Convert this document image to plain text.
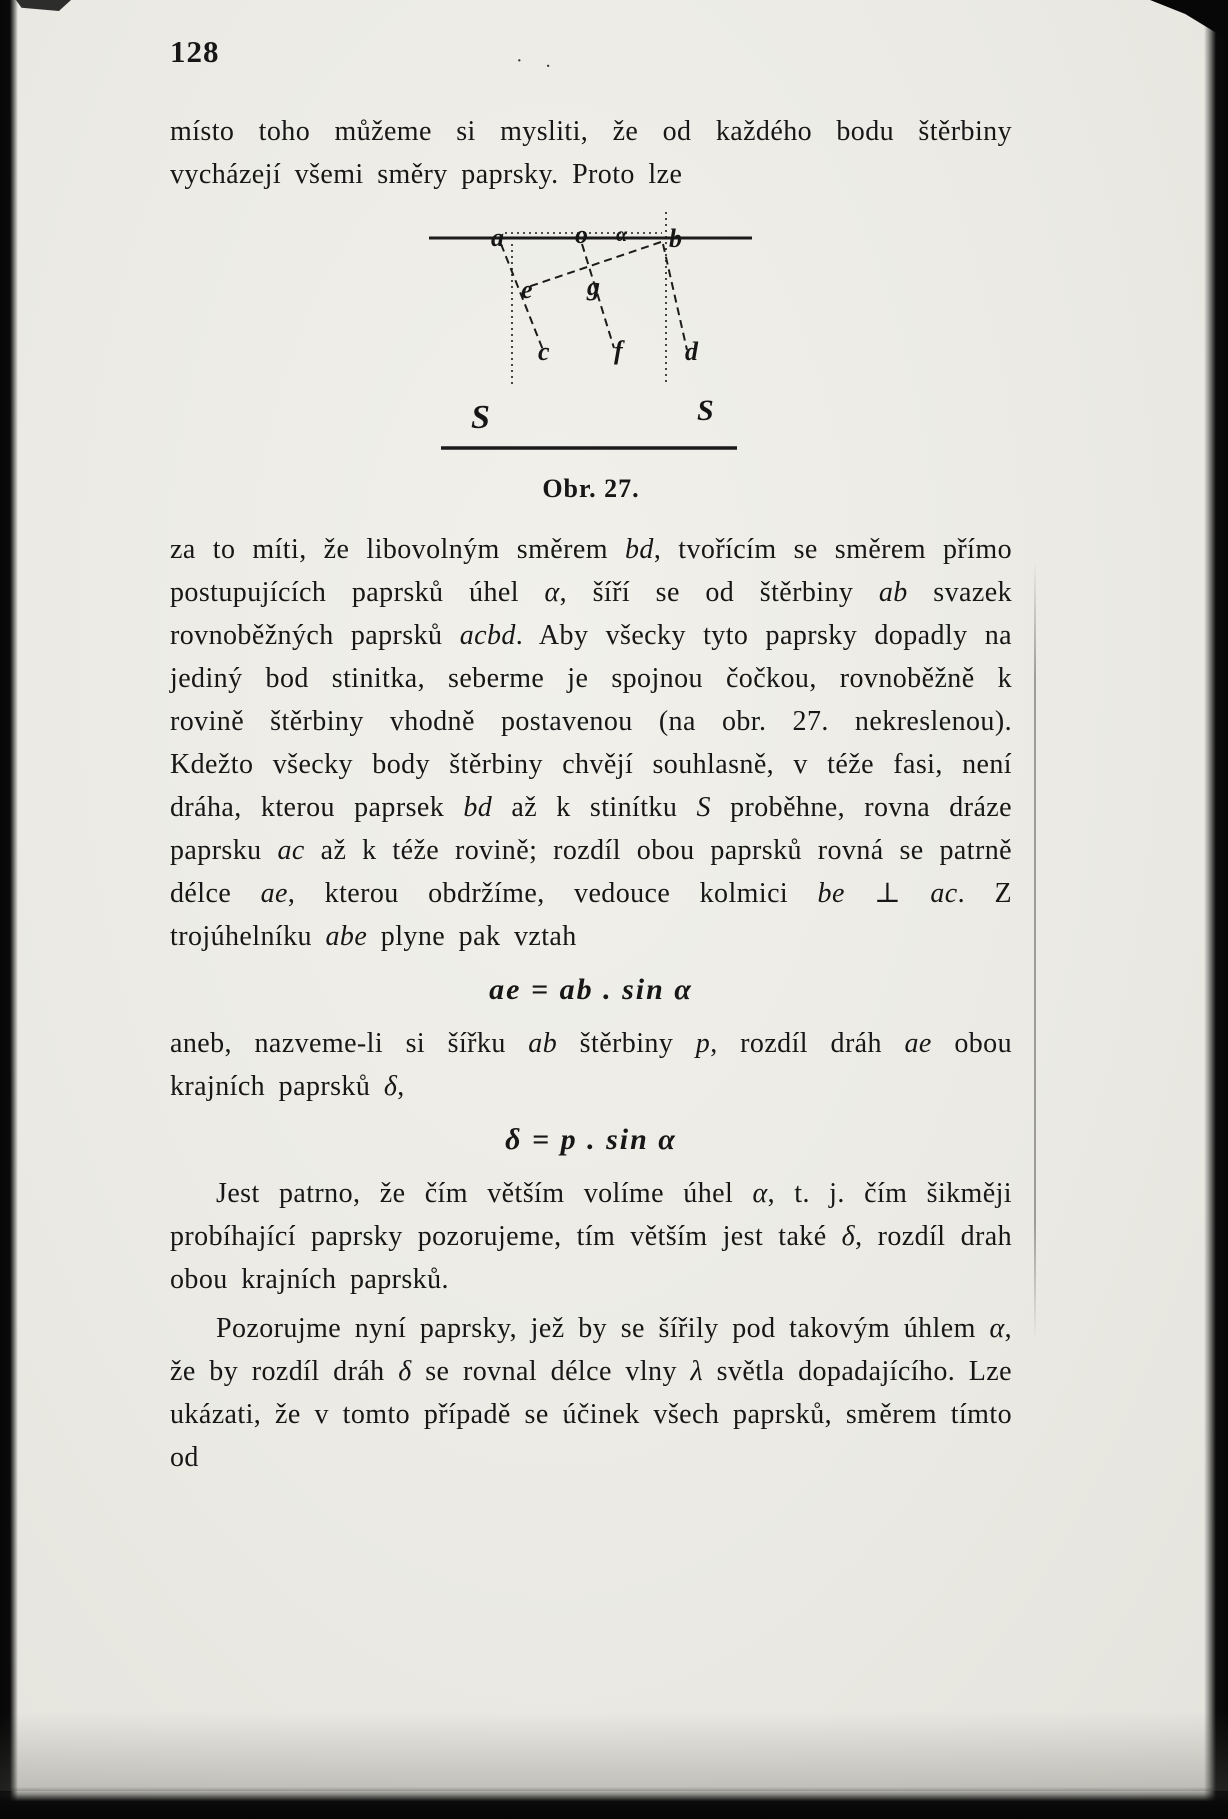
128	· .

místo toho můžeme si mysliti, že od každého bodu štěrbiny vycházejí všemi směry paprsky. Proto lze

a	o α b
e g
c f d
S	S
Obr. 27.

za to míti, že libovolným směrem bd, tvořícím se směrem přímo postupujících paprsků úhel α, šíří se od štěrbiny ab svazek rovnoběžných paprsků acbd. Aby všecky tyto paprsky dopadly na jediný bod stinitka, seberme je spojnou čočkou, rovnoběžně k rovině štěrbiny vhodně postavenou (na obr. 27. nekreslenou). Kdežto všecky body štěrbiny chvějí souhlasně, v téže fasi, není dráha, kterou paprsek bd až k stinítku S proběhne, rovna dráze paprsku ac až k téže rovině; rozdíl obou paprsků rovná se patrně délce ae, kterou obdržíme, vedouce kolmici be ⊥ ac. Z trojúhelníku abe plyne pak vztah

ae = ab . sin α

aneb, nazveme-li si šířku ab štěrbiny p, rozdíl dráh ae obou krajních paprsků δ,

δ = p . sin α

Jest patrno, že čím větším volíme úhel α, t. j. čím šikměji probíhající paprsky pozorujeme, tím větším jest také δ, rozdíl drah obou krajních paprsků.

Pozorujme nyní paprsky, jež by se šířily pod takovým úhlem α, že by rozdíl dráh δ se rovnal délce vlny λ světla dopadajícího. Lze ukázati, že v tomto případě se účinek všech paprsků, směrem tímto od
